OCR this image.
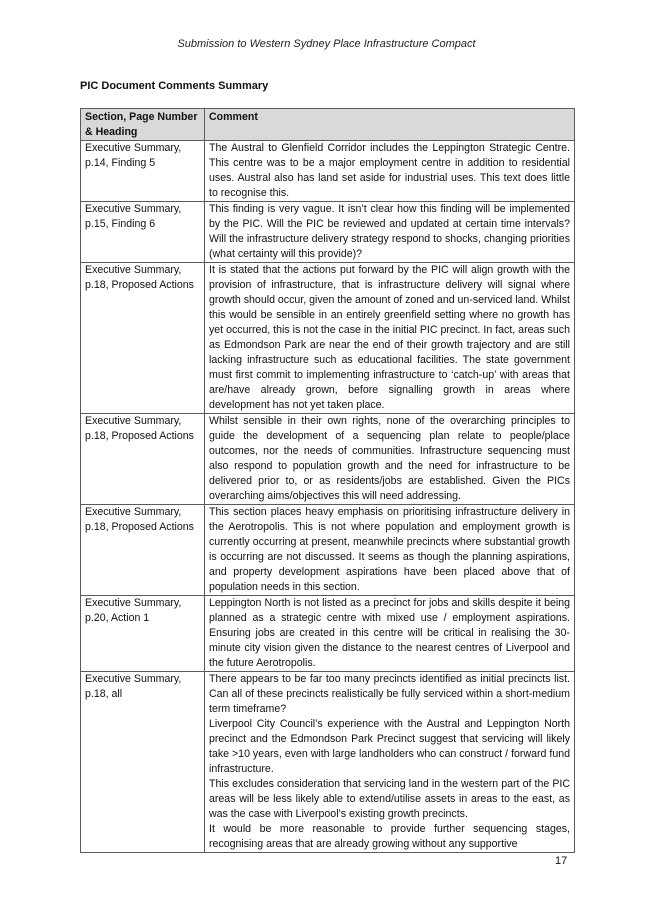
Submission to Western Sydney Place Infrastructure Compact
PIC Document Comments Summary
Section, Page Number & Heading	Comment
Executive Summary, p.14, Finding 5	The Austral to Glenfield Corridor includes the Leppington Strategic Centre. This centre was to be a major employment centre in addition to residential uses. Austral also has land set aside for industrial uses. This text does little to recognise this.

Executive Summary, p.15, Finding 6	This finding is very vague. It isn’t clear how this finding will be implemented by the PIC. Will the PIC be reviewed and updated at certain time intervals? Will the infrastructure delivery strategy respond to shocks, changing priorities (what certainty will this provide)?

Executive Summary, p.18, Proposed Actions	It is stated that the actions put forward by the PIC will align growth with the provision of infrastructure, that is infrastructure delivery will signal where growth should occur, given the amount of zoned and un-serviced land. Whilst this would be sensible in an entirely greenfield setting where no growth has yet occurred, this is not the case in the initial PIC precinct. In fact, areas such as Edmondson Park are near the end of their growth trajectory and are still lacking infrastructure such as educational facilities. The state government must first commit to implementing infrastructure to ‘catch-up’ with areas that are/have already grown, before signalling growth in areas where development has not yet taken place.

Executive Summary, p.18, Proposed Actions	Whilst sensible in their own rights, none of the overarching principles to guide the development of a sequencing plan relate to people/place outcomes, nor the needs of communities. Infrastructure sequencing must also respond to population growth and the need for infrastructure to be delivered prior to, or as residents/jobs are established. Given the PICs overarching aims/objectives this will need addressing.

Executive Summary, p.18, Proposed Actions	This section places heavy emphasis on prioritising infrastructure delivery in the Aerotropolis. This is not where population and employment growth is currently occurring at present, meanwhile precincts where substantial growth is occurring are not discussed. It seems as though the planning aspirations, and property development aspirations have been placed above that of population needs in this section.

Executive Summary, p.20, Action 1	Leppington North is not listed as a precinct for jobs and skills despite it being planned as a strategic centre with mixed use / employment aspirations. Ensuring jobs are created in this centre will be critical in realising the 30-minute city vision given the distance to the nearest centres of Liverpool and the future Aerotropolis.

Executive Summary, p.18, all	There appears to be far too many precincts identified as initial precincts list. Can all of these precincts realistically be fully serviced within a short-medium term timeframe?

Liverpool City Council’s experience with the Austral and Leppington North precinct and the Edmondson Park Precinct suggest that servicing will likely take >10 years, even with large landholders who can construct / forward fund infrastructure.

This excludes consideration that servicing land in the western part of the PIC areas will be less likely able to extend/utilise assets in areas to the east, as was the case with Liverpool’s existing growth precincts.

It would be more reasonable to provide further sequencing stages, recognising areas that are already growing without any supportive

17
